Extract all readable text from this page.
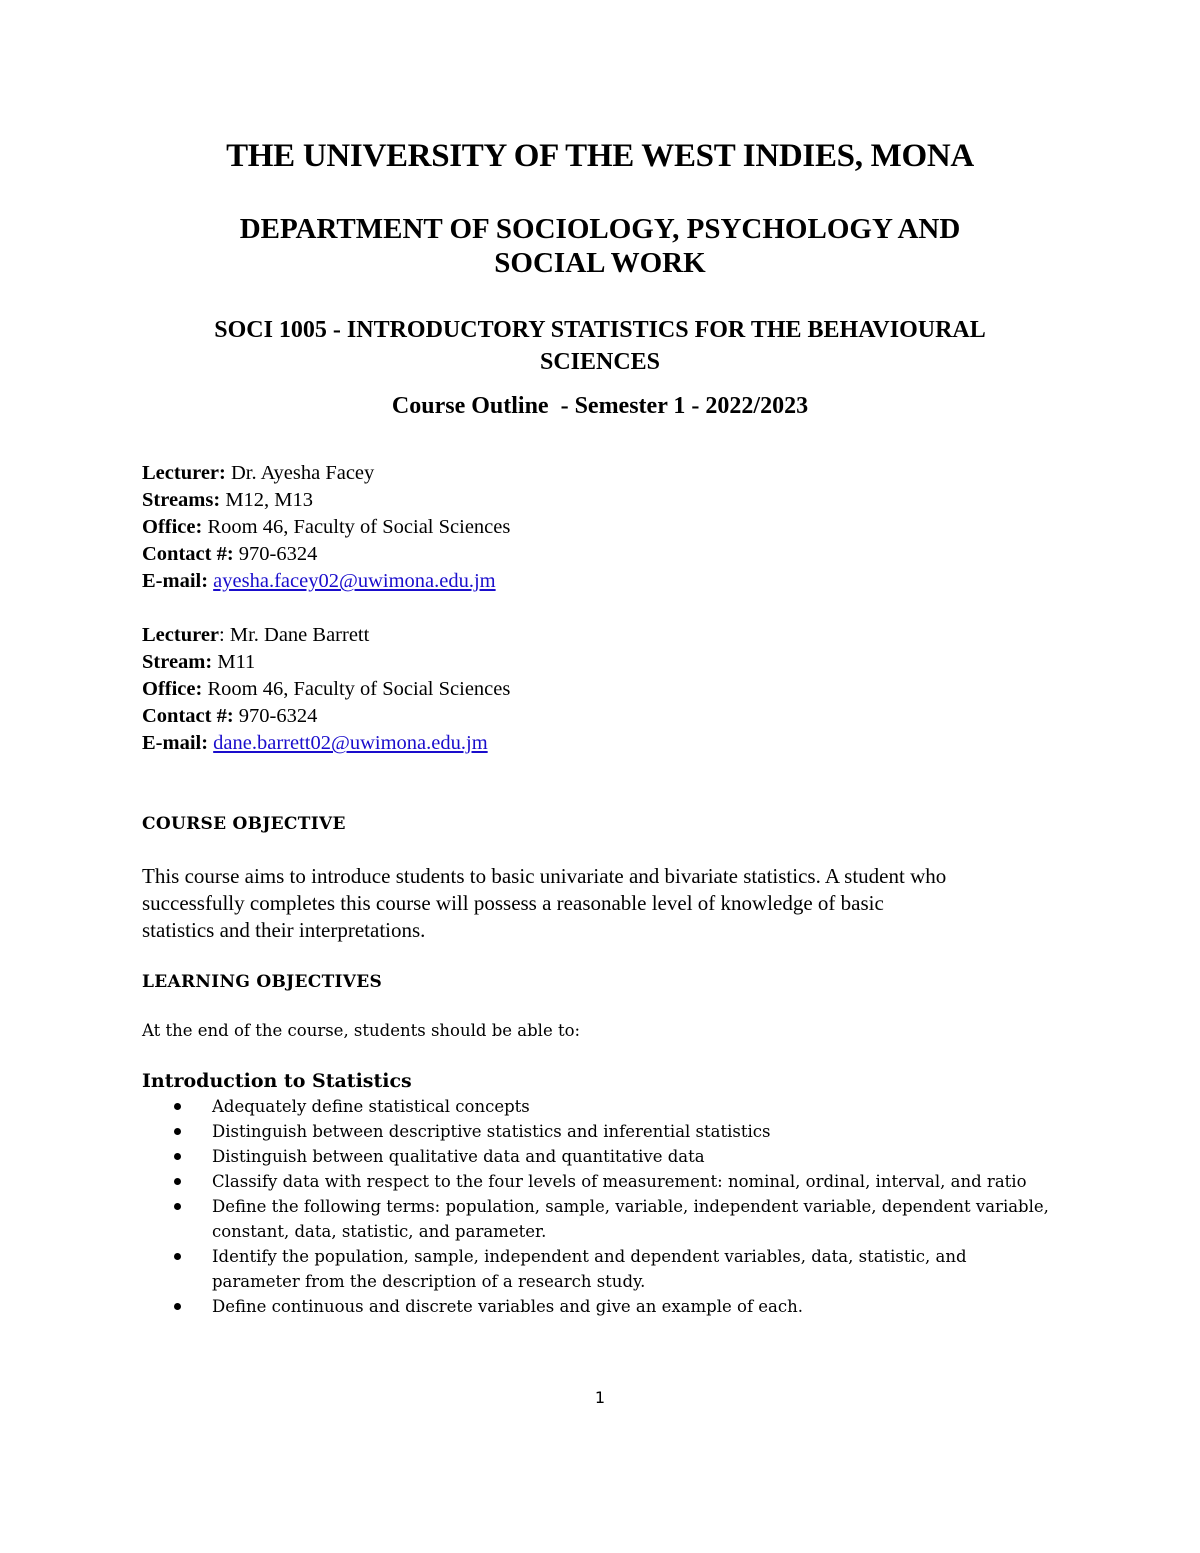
THE UNIVERSITY OF THE WEST INDIES, MONA
DEPARTMENT OF SOCIOLOGY, PSYCHOLOGY AND
SOCIAL WORK
SOCI 1005 - INTRODUCTORY STATISTICS FOR THE BEHAVIOURAL
SCIENCES
Course Outline  - Semester 1 - 2022/2023
Lecturer: Dr. Ayesha Facey
Streams: M12, M13
Office: Room 46, Faculty of Social Sciences
Contact #: 970-6324
E-mail: ayesha.facey02@uwimona.edu.jm
Lecturer: Mr. Dane Barrett
Stream: M11
Office: Room 46, Faculty of Social Sciences
Contact #: 970-6324
E-mail: dane.barrett02@uwimona.edu.jm
COURSE OBJECTIVE
This course aims to introduce students to basic univariate and bivariate statistics. A student who
successfully completes this course will possess a reasonable level of knowledge of basic
statistics and their interpretations.
LEARNING OBJECTIVES
At the end of the course, students should be able to:
Introduction to Statistics
Adequately define statistical concepts
Distinguish between descriptive statistics and inferential statistics
Distinguish between qualitative data and quantitative data
Classify data with respect to the four levels of measurement: nominal, ordinal, interval, and ratio
Define the following terms: population, sample, variable, independent variable, dependent variable, constant, data, statistic, and parameter.
Identify the population, sample, independent and dependent variables, data, statistic, and parameter from the description of a research study.
Define continuous and discrete variables and give an example of each.
1
